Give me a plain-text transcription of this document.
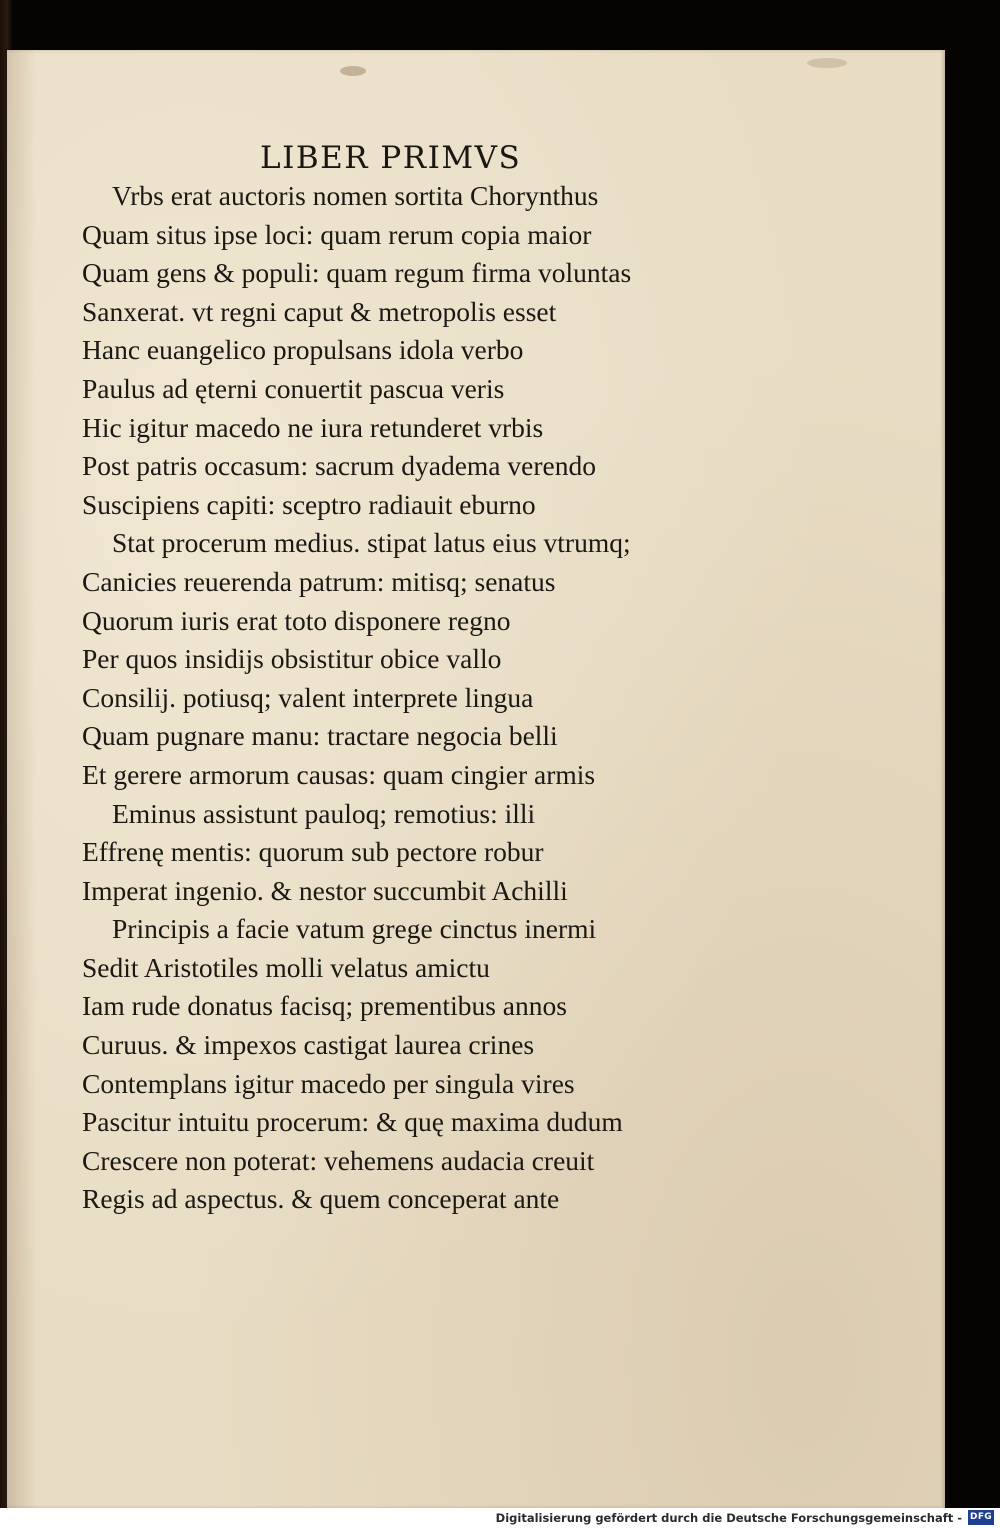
LIBER PRIMVS
Vrbs erat auctoris nomen sortita Chorynthus
Quam situs ipse loci: quam rerum copia maior
Quam gens & populi: quam regum firma voluntas
Sanxerat. vt regni caput & metropolis esset
Hanc euangelico propulsans idola verbo
Paulus ad ęterni conuertit pascua veris
Hic igitur macedo ne iura retunderet vrbis
Post patris occasum: sacrum dyadema verendo
Suscipiens capiti: sceptro radiauit eburno
Stat procerum medius. stipat latus eius vtrumq;
Canicies reuerenda patrum: mitisq; senatus
Quorum iuris erat toto disponere regno
Per quos insidijs obsistitur obice vallo
Consilij. potiusq; valent interprete lingua
Quam pugnare manu: tractare negocia belli
Et gerere armorum causas: quam cingier armis
Eminus assistunt pauloq; remotius: illi
Effrenę mentis: quorum sub pectore robur
Imperat ingenio. & nestor succumbit Achilli
Principis a facie vatum grege cinctus inermi
Sedit Aristotiles molli velatus amictu
Iam rude donatus facisq; prementibus annos
Curuus. & impexos castigat laurea crines
Contemplans igitur macedo per singula vires
Pascitur intuitu procerum: & quę maxima dudum
Crescere non poterat: vehemens audacia creuit
Regis ad aspectus. & quem conceperat ante
Digitalisierung gefördert durch die Deutsche Forschungsgemeinschaft - DFG
